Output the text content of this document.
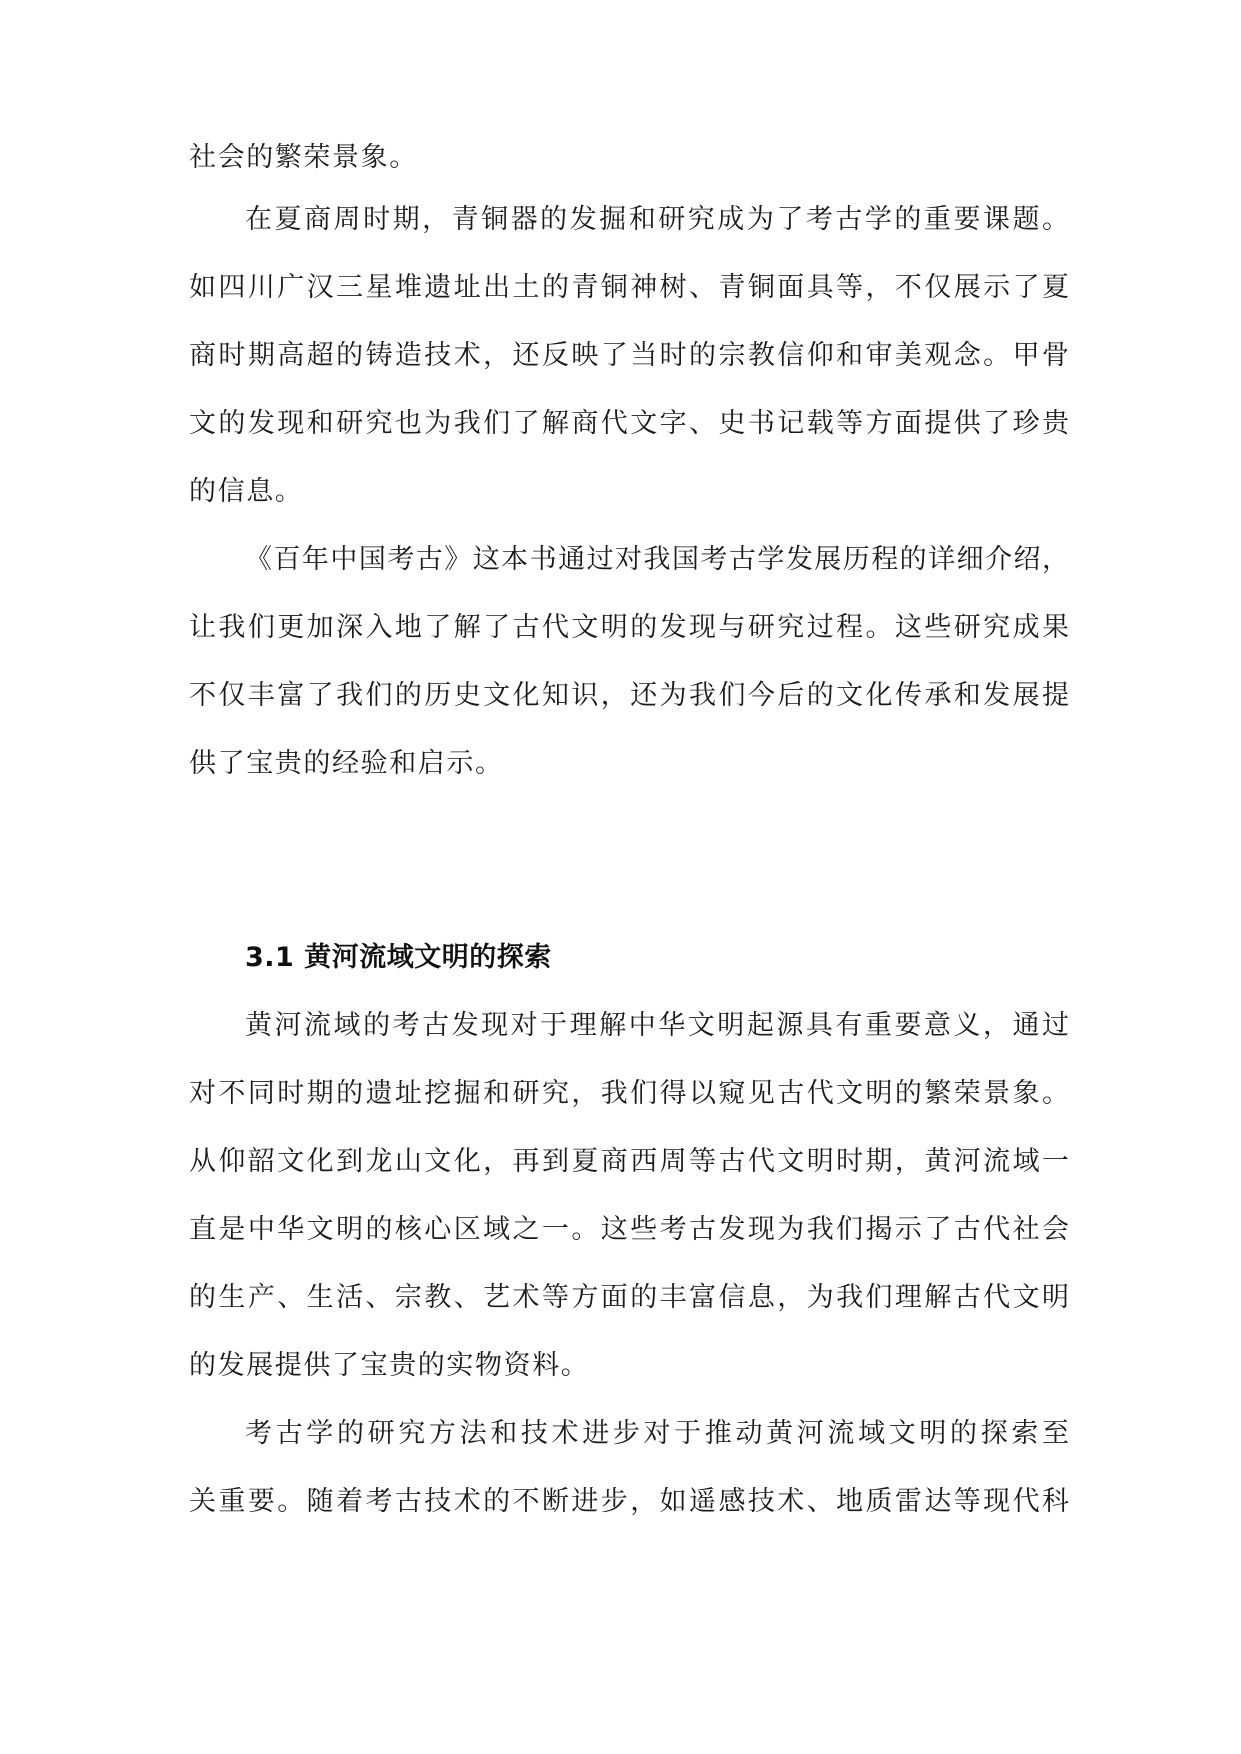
社会的繁荣景象。
在夏商周时期，青铜器的发掘和研究成为了考古学的重要课题。
如四川广汉三星堆遗址出土的青铜神树、青铜面具等，不仅展示了夏
商时期高超的铸造技术，还反映了当时的宗教信仰和审美观念。甲骨
文的发现和研究也为我们了解商代文字、史书记载等方面提供了珍贵
的信息。
《百年中国考古》这本书通过对我国考古学发展历程的详细介绍，
让我们更加深入地了解了古代文明的发现与研究过程。这些研究成果
不仅丰富了我们的历史文化知识，还为我们今后的文化传承和发展提
供了宝贵的经验和启示。
3.1 黄河流域文明的探索
黄河流域的考古发现对于理解中华文明起源具有重要意义，通过
对不同时期的遗址挖掘和研究，我们得以窥见古代文明的繁荣景象。
从仰韶文化到龙山文化，再到夏商西周等古代文明时期，黄河流域一
直是中华文明的核心区域之一。这些考古发现为我们揭示了古代社会
的生产、生活、宗教、艺术等方面的丰富信息，为我们理解古代文明
的发展提供了宝贵的实物资料。
考古学的研究方法和技术进步对于推动黄河流域文明的探索至
关重要。随着考古技术的不断进步，如遥感技术、地质雷达等现代科
